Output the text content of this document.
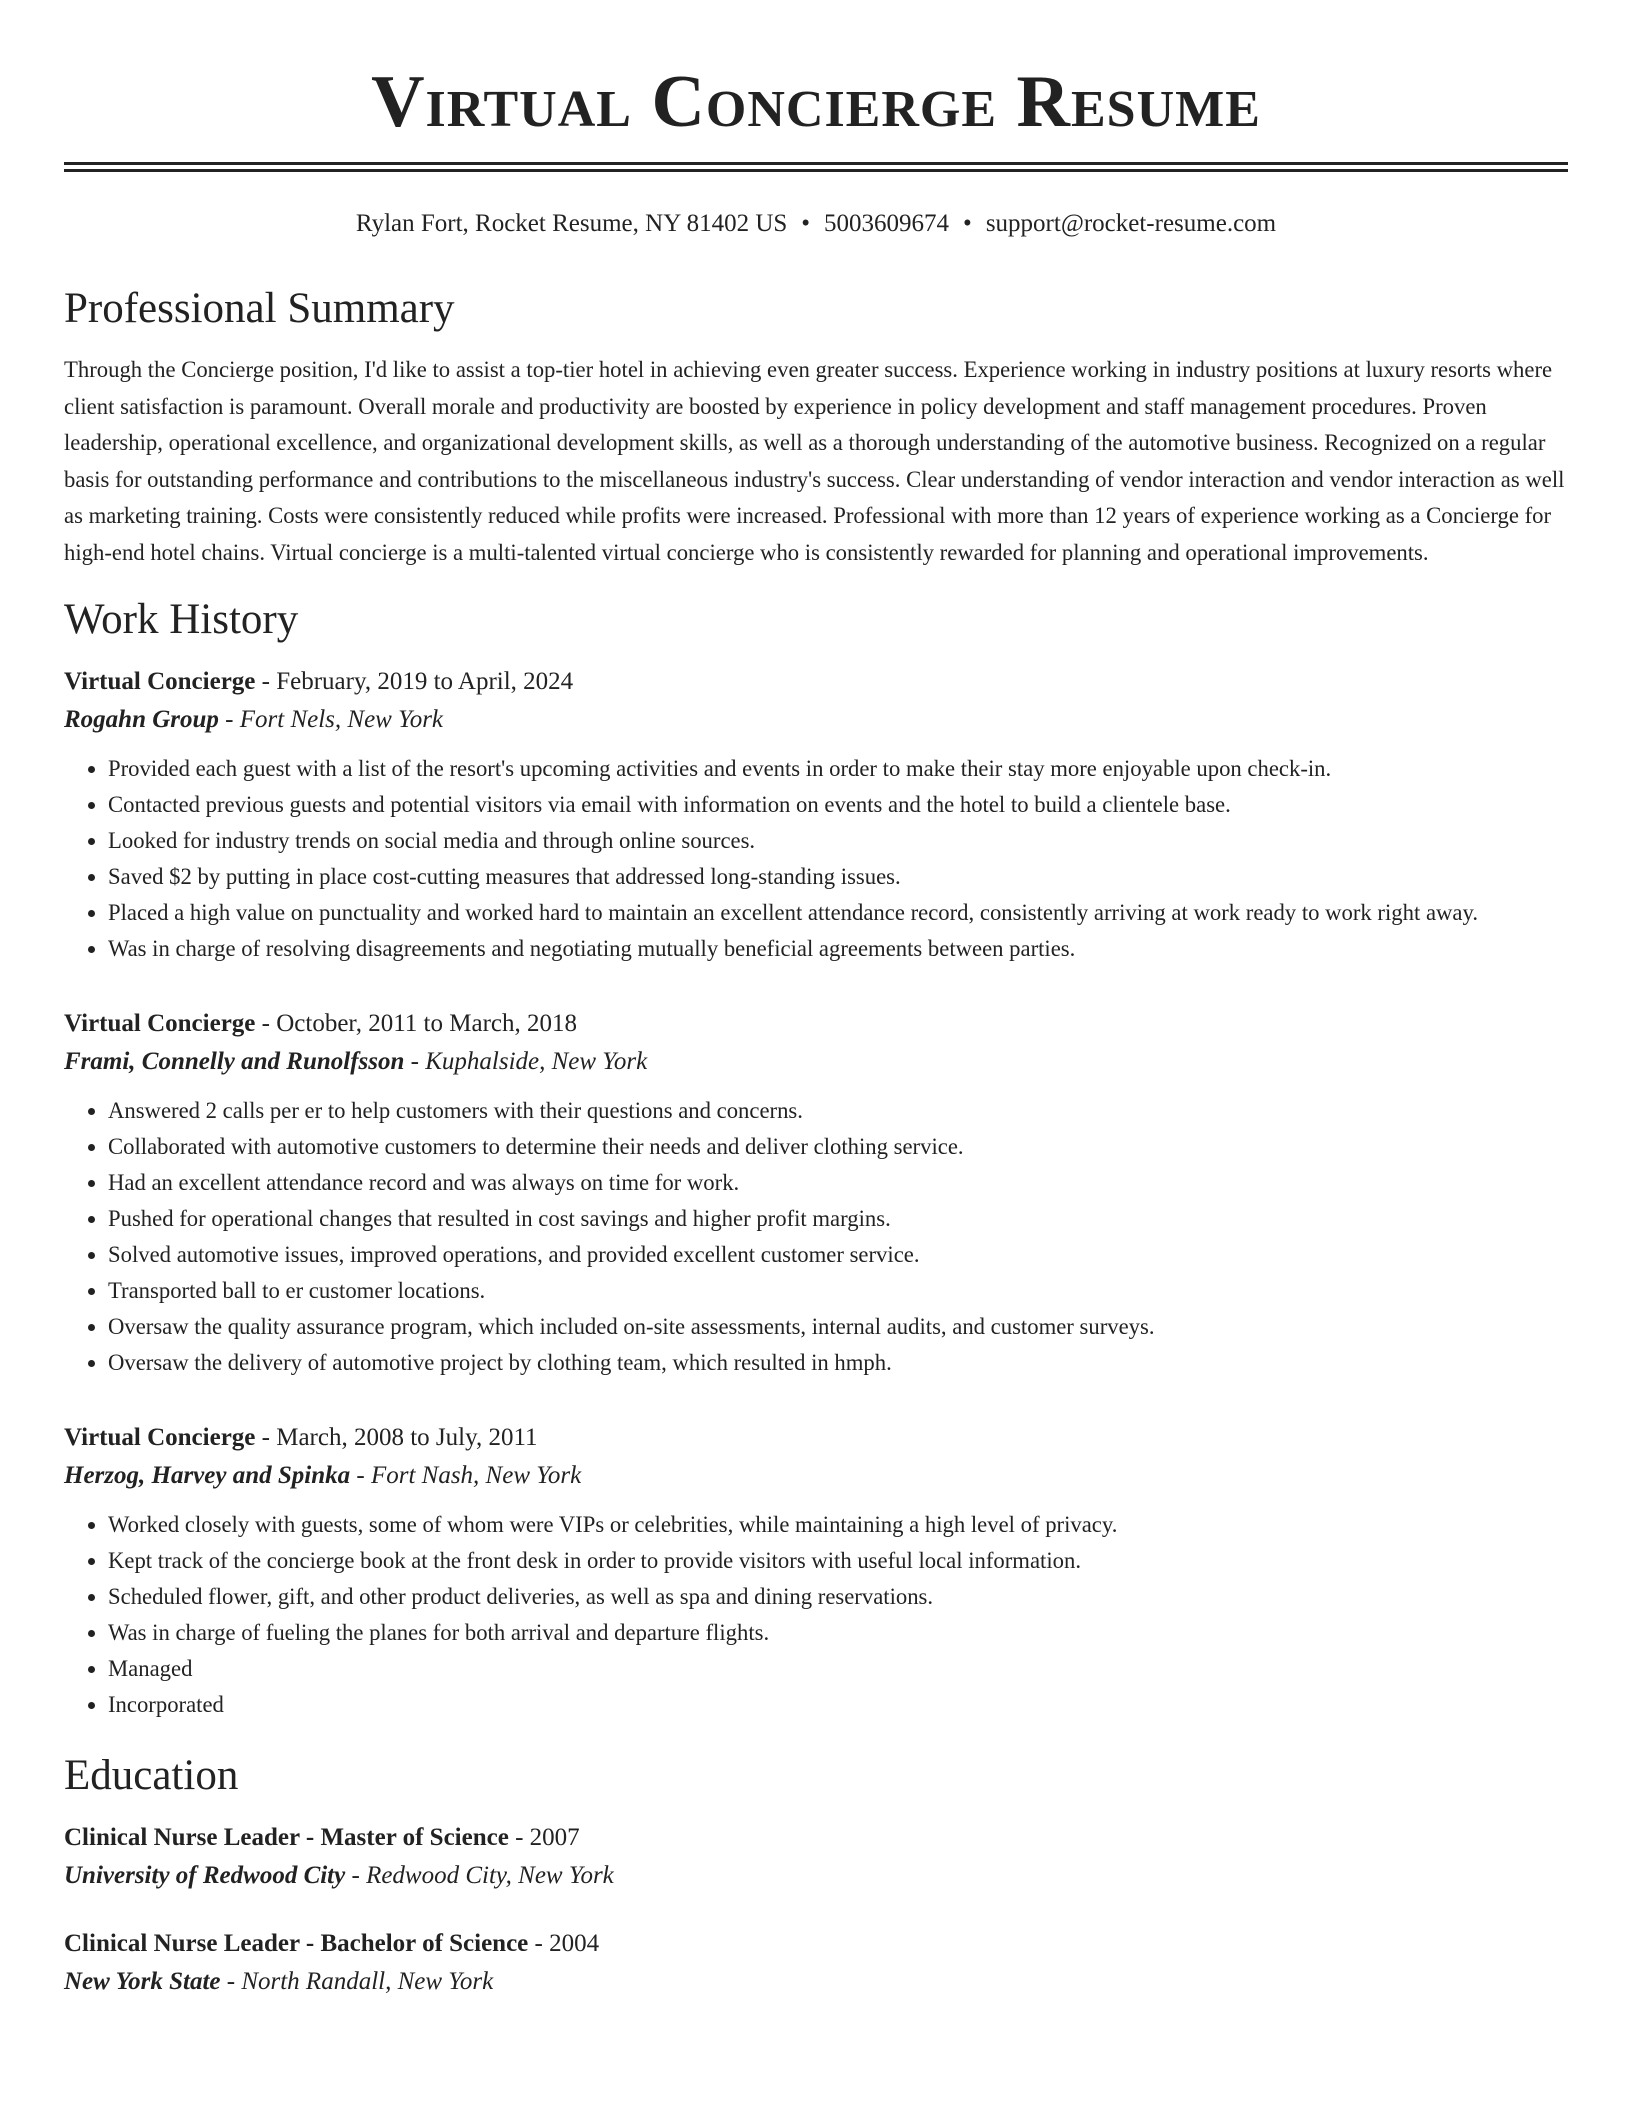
Virtual Concierge Resume
Rylan Fort, Rocket Resume, NY 81402 US • 5003609674 • support@rocket-resume.com
Professional Summary

Through the Concierge position, I'd like to assist a top-tier hotel in achieving even greater success. Experience working in industry positions at luxury resorts where client satisfaction is paramount. Overall morale and productivity are boosted by experience in policy development and staff management procedures. Proven leadership, operational excellence, and organizational development skills, as well as a thorough understanding of the automotive business. Recognized on a regular basis for outstanding performance and contributions to the miscellaneous industry's success. Clear understanding of vendor interaction and vendor interaction as well as marketing training. Costs were consistently reduced while profits were increased. Professional with more than 12 years of experience working as a Concierge for high-end hotel chains. Virtual concierge is a multi-talented virtual concierge who is consistently rewarded for planning and operational improvements.

Work History
Virtual Concierge - February, 2019 to April, 2024
Rogahn Group - Fort Nels, New York
• Provided each guest with a list of the resort's upcoming activities and events in order to make their stay more enjoyable upon check-in.
• Contacted previous guests and potential visitors via email with information on events and the hotel to build a clientele base.
• Looked for industry trends on social media and through online sources.
• Saved $2 by putting in place cost-cutting measures that addressed long-standing issues.
• Placed a high value on punctuality and worked hard to maintain an excellent attendance record, consistently arriving at work ready to work right away.
• Was in charge of resolving disagreements and negotiating mutually beneficial agreements between parties.
Virtual Concierge - October, 2011 to March, 2018
Frami, Connelly and Runolfsson - Kuphalside, New York
• Answered 2 calls per er to help customers with their questions and concerns.
• Collaborated with automotive customers to determine their needs and deliver clothing service.
• Had an excellent attendance record and was always on time for work.
• Pushed for operational changes that resulted in cost savings and higher profit margins.
• Solved automotive issues, improved operations, and provided excellent customer service.
• Transported ball to er customer locations.
• Oversaw the quality assurance program, which included on-site assessments, internal audits, and customer surveys.
• Oversaw the delivery of automotive project by clothing team, which resulted in hmph.
Virtual Concierge - March, 2008 to July, 2011
Herzog, Harvey and Spinka - Fort Nash, New York
• Worked closely with guests, some of whom were VIPs or celebrities, while maintaining a high level of privacy.
• Kept track of the concierge book at the front desk in order to provide visitors with useful local information.
• Scheduled flower, gift, and other product deliveries, as well as spa and dining reservations.
• Was in charge of fueling the planes for both arrival and departure flights.
• Managed
• Incorporated
Education
Clinical Nurse Leader - Master of Science - 2007
University of Redwood City - Redwood City, New York
Clinical Nurse Leader - Bachelor of Science - 2004
New York State - North Randall, New York
